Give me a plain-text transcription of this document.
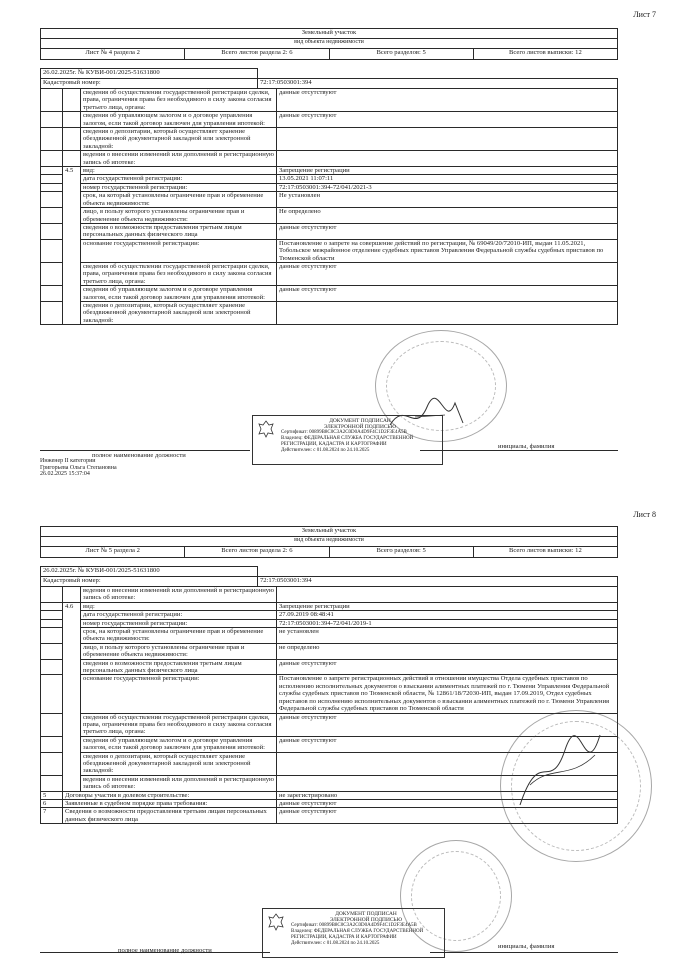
Лист 7
Земельный участок
вид объекта недвижимости
Лист № 4 раздела 2	Всего листов раздела 2: 6	Всего разделов: 5	Всего листов выписки: 12
26.02.2025г. № КУВИ-001/2025-51631800	
Кадастровый номер:	72:17:0503001:394
		сведения об осуществлении государственной регистрации сделки, права, ограничения права без необходимого в силу закона согласия третьего лица, органа:	данные отсутствуют
		сведения об управляющем залогом и о договоре управления залогом, если такой договор заключен для управления ипотекой:	данные отсутствуют
		сведения о депозитарии, который осуществляет хранение обездвиженной документарной закладной или электронной закладной:	
		ведения о внесении изменений или дополнений в регистрационную запись об ипотеке:	
	4.5	вид:	Запрещение регистрации
		дата государственной регистрации:	13.05.2021 11:07:11
		номер государственной регистрации:	72:17:0503001:394-72/041/2021-3
		срок, на который установлены ограничение прав и обременение объекта недвижимости:	Не установлен
		лицо, в пользу которого установлены ограничение прав и обременение объекта недвижимости:	Не определено
		сведения о возможности предоставления третьим лицам персональных данных физического лица	данные отсутствуют
		основание государственной регистрации:	Постановление о запрете на совершение действий по регистрации, № 69049/20/72010-ИП, выдан 11.05.2021, Тобольское межрайонное отделение судебных приставов Управления Федеральной службы судебных приставов по Тюменской области
		сведения об осуществлении государственной регистрации сделки, права, ограничения права без необходимого в силу закона согласия третьего лица, органа:	данные отсутствуют
		сведения об управляющем залогом и о договоре управления залогом, если такой договор заключен для управления ипотекой:	данные отсутствуют
		сведения о депозитарии, который осуществляет хранение обездвиженной документарной закладной или электронной закладной:	
ДОКУМЕНТ ПОДПИСАН
ЭЛЕКТРОННОЙ ПОДПИСЬЮ
Сертификат: 00899B8C0C3A2C0D0A4D9F4C1D2F3E4A5B
Владелец: ФЕДЕРАЛЬНАЯ СЛУЖБА ГОСУДАРСТВЕННОЙ
РЕГИСТРАЦИИ, КАДАСТРА И КАРТОГРАФИИ
Действителен: с 01.08.2024 по 24.10.2025
полное наименование должности
инициалы, фамилия
Инженер II категории
Григорьева Ольга Степановна
26.02.2025 15:37:04
Лист 8
Земельный участок
вид объекта недвижимости
Лист № 5 раздела 2	Всего листов раздела 2: 6	Всего разделов: 5	Всего листов выписки: 12
26.02.2025г. № КУВИ-001/2025-51631800	
Кадастровый номер:	72:17:0503001:394
		ведения о внесении изменений или дополнений в регистрационную запись об ипотеке:	
	4.6	вид:	Запрещение регистрации
		дата государственной регистрации:	27.09.2019 08:48:41
		номер государственной регистрации:	72:17:0503001:394-72/041/2019-1
		срок, на который установлены ограничение прав и обременение объекта недвижимости:	не установлен
		лицо, в пользу которого установлены ограничение прав и обременение объекта недвижимости:	не определено
		сведения о возможности предоставления третьим лицам персональных данных физического лица	данные отсутствуют
		основание государственной регистрации:	Постановление о запрете регистрационных действий в отношении имущества Отдела судебных приставов по исполнению исполнительных документов о взыскании алиментных платежей по г. Тюмени Управления Федеральной службы судебных приставов по Тюменской области, № 12861/18/72030-ИП, выдан 17.09.2019, Отдел судебных приставов по исполнению исполнительных документов о взыскании алиментных платежей по г. Тюмени Управления Федеральной службы судебных приставов по Тюменской области
		сведения об осуществлении государственной регистрации сделки, права, ограничения права без необходимого в силу закона согласия третьего лица, органа:	данные отсутствуют
		сведения об управляющем залогом и о договоре управления залогом, если такой договор заключен для управления ипотекой:	данные отсутствуют
		сведения о депозитарии, который осуществляет хранение обездвиженной документарной закладной или электронной закладной:	
		ведения о внесении изменений или дополнений в регистрационную запись об ипотеке:	
5	Договоры участия в долевом строительстве:		не зарегистрировано
6	Заявленные в судебном порядке права требования:		данные отсутствуют
7	Сведения о возможности предоставления третьим лицам персональных данных физического лица		данные отсутствуют
ДОКУМЕНТ ПОДПИСАН
ЭЛЕКТРОННОЙ ПОДПИСЬЮ
Сертификат: 00899B8C0C3A2C0D0A4D9F4C1D2F3E4A5B
Владелец: ФЕДЕРАЛЬНАЯ СЛУЖБА ГОСУДАРСТВЕННОЙ
РЕГИСТРАЦИИ, КАДАСТРА И КАРТОГРАФИИ
Действителен: с 01.08.2024 по 24.10.2025
полное наименование должности
инициалы, фамилия
